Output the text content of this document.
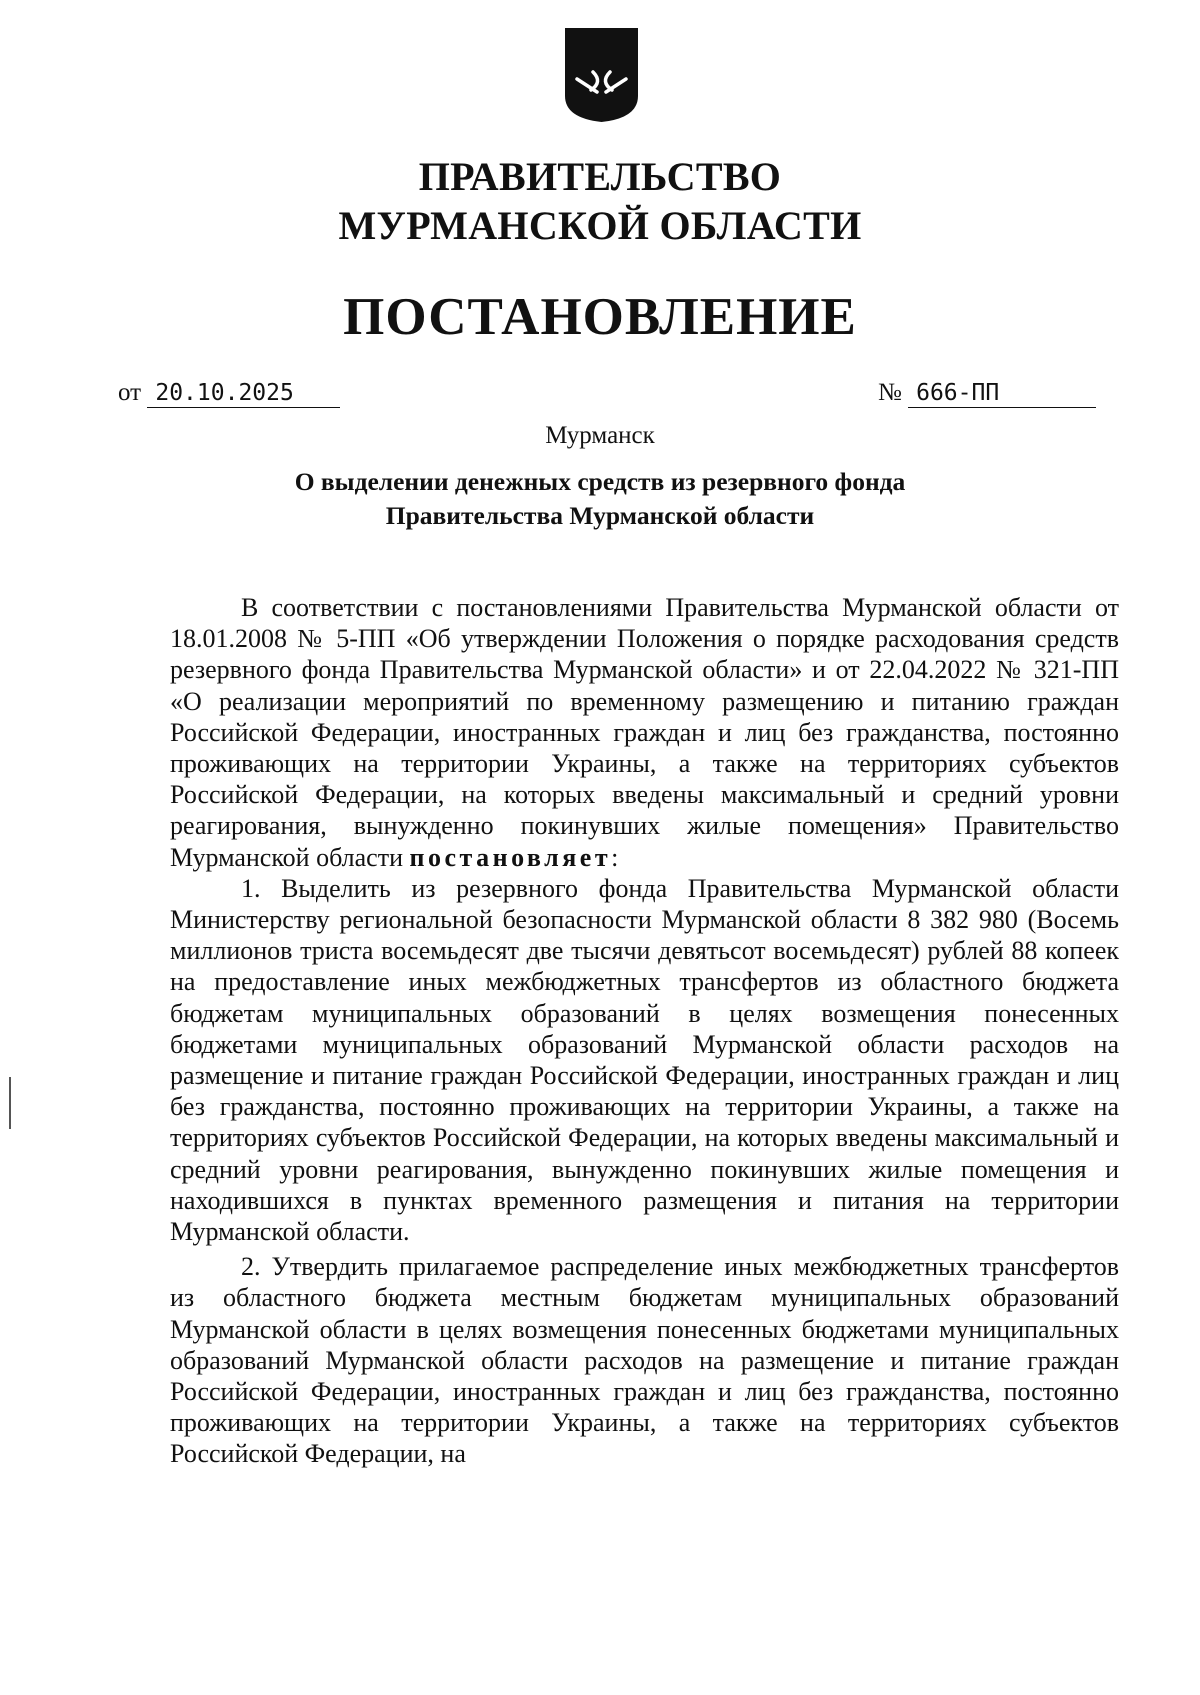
ПРАВИТЕЛЬСТВО
МУРМАНСКОЙ ОБЛАСТИ
ПОСТАНОВЛЕНИЕ
от 20.10.2025	№ 666-ПП
Мурманск
О выделении денежных средств из резервного фонда
Правительства Мурманской области

В соответствии с постановлениями Правительства Мурманской области от 18.01.2008 № 5-ПП «Об утверждении Положения о порядке расходования средств резервного фонда Правительства Мурманской области» и от 22.04.2022 № 321-ПП «О реализации мероприятий по временному размещению и питанию граждан Российской Федерации, иностранных граждан и лиц без гражданства, постоянно проживающих на территории Украины, а также на территориях субъектов Российской Федерации, на которых введены максимальный и средний уровни реагирования, вынужденно покинувших жилые помещения» Правительство Мурманской области постановляет:

1. Выделить из резервного фонда Правительства Мурманской области Министерству региональной безопасности Мурманской области 8 382 980 (Восемь миллионов триста восемьдесят две тысячи девятьсот восемьдесят) рублей 88 копеек на предоставление иных межбюджетных трансфертов из областного бюджета бюджетам муниципальных образований в целях возмещения понесенных бюджетами муниципальных образований Мурманской области расходов на размещение и питание граждан Российской Федерации, иностранных граждан и лиц без гражданства, постоянно проживающих на территории Украины, а также на территориях субъектов Российской Федерации, на которых введены максимальный и средний уровни реагирования, вынужденно покинувших жилые помещения и находившихся в пунктах временного размещения и питания на территории Мурманской области.

2. Утвердить прилагаемое распределение иных межбюджетных трансфертов из областного бюджета местным бюджетам муниципальных образований Мурманской области в целях возмещения понесенных бюджетами муниципальных образований Мурманской области расходов на размещение и питание граждан Российской Федерации, иностранных граждан и лиц без гражданства, постоянно проживающих на территории Украины, а также на территориях субъектов Российской Федерации, на
